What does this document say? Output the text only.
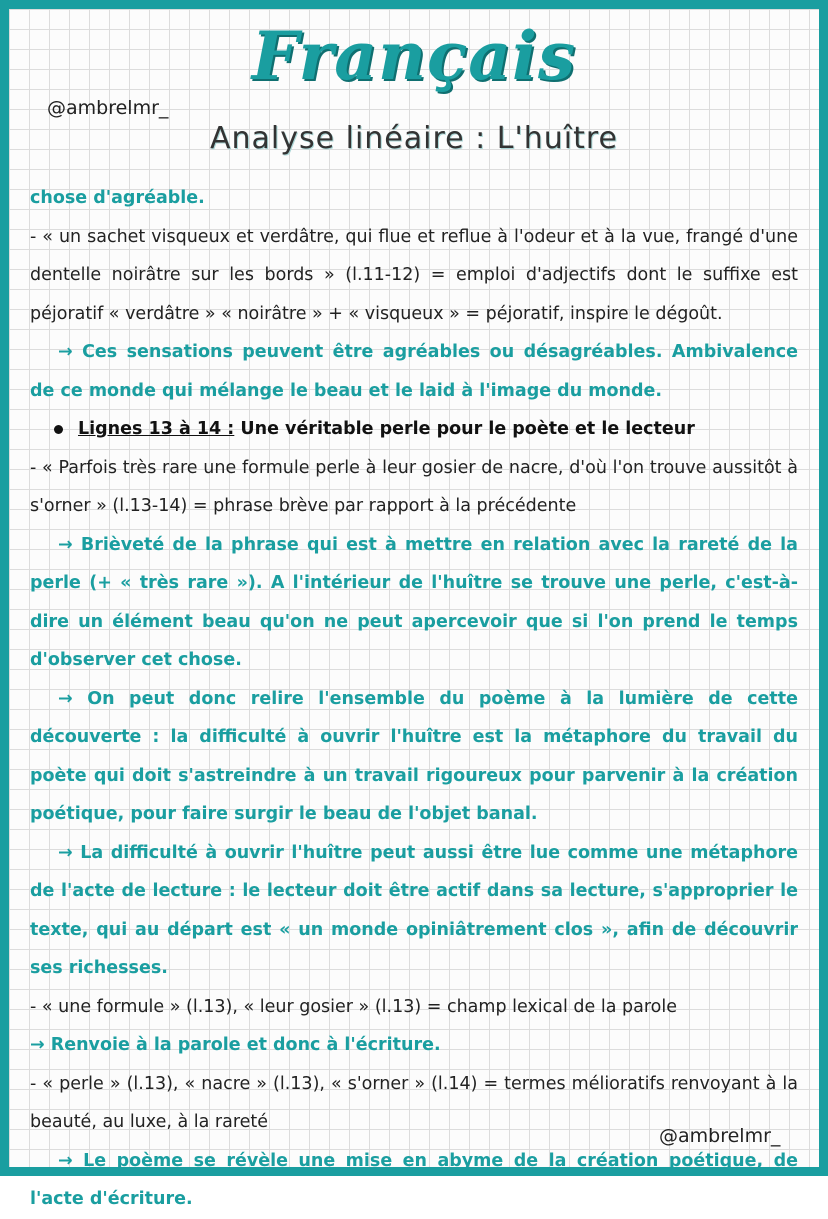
@ambrelmr_
Français
Analyse linéaire : L'huître

chose d'agréable.

- « un sachet visqueux et verdâtre, qui flue et reflue à l'odeur et à la vue, frangé d'une dentelle noirâtre sur les bords » (l.11-12) = emploi d'adjectifs dont le suffixe est péjoratif « verdâtre » « noirâtre » + « visqueux » = péjoratif, inspire le dégoût.

→ Ces sensations peuvent être agréables ou désagréables. Ambivalence de ce monde qui mélange le beau et le laid à l'image du monde.

Lignes 13 à 14 : Une véritable perle pour le poète et le lecteur

- « Parfois très rare une formule perle à leur gosier de nacre, d'où l'on trouve aussitôt à s'orner » (l.13-14) = phrase brève par rapport à la précédente

→ Brièveté de la phrase qui est à mettre en relation avec la rareté de la perle (+ « très rare »). A l'intérieur de l'huître se trouve une perle, c'est-à-dire un élément beau qu'on ne peut apercevoir que si l'on prend le temps d'observer cet chose.

→ On peut donc relire l'ensemble du poème à la lumière de cette découverte : la difficulté à ouvrir l'huître est la métaphore du travail du poète qui doit s'astreindre à un travail rigoureux pour parvenir à la création poétique, pour faire surgir le beau de l'objet banal.

→ La difficulté à ouvrir l'huître peut aussi être lue comme une métaphore de l'acte de lecture : le lecteur doit être actif dans sa lecture, s'approprier le texte, qui au départ est « un monde opiniâtrement clos », afin de découvrir ses richesses.

- « une formule » (l.13), « leur gosier » (l.13) = champ lexical de la parole

→ Renvoie à la parole et donc à l'écriture.

- « perle » (l.13), « nacre » (l.13), « s'orner » (l.14) = termes mélioratifs renvoyant à la beauté, au luxe, à la rareté

→ Le poème se révèle une mise en abyme de la création poétique, de l'acte d'écriture.

@ambrelmr_
